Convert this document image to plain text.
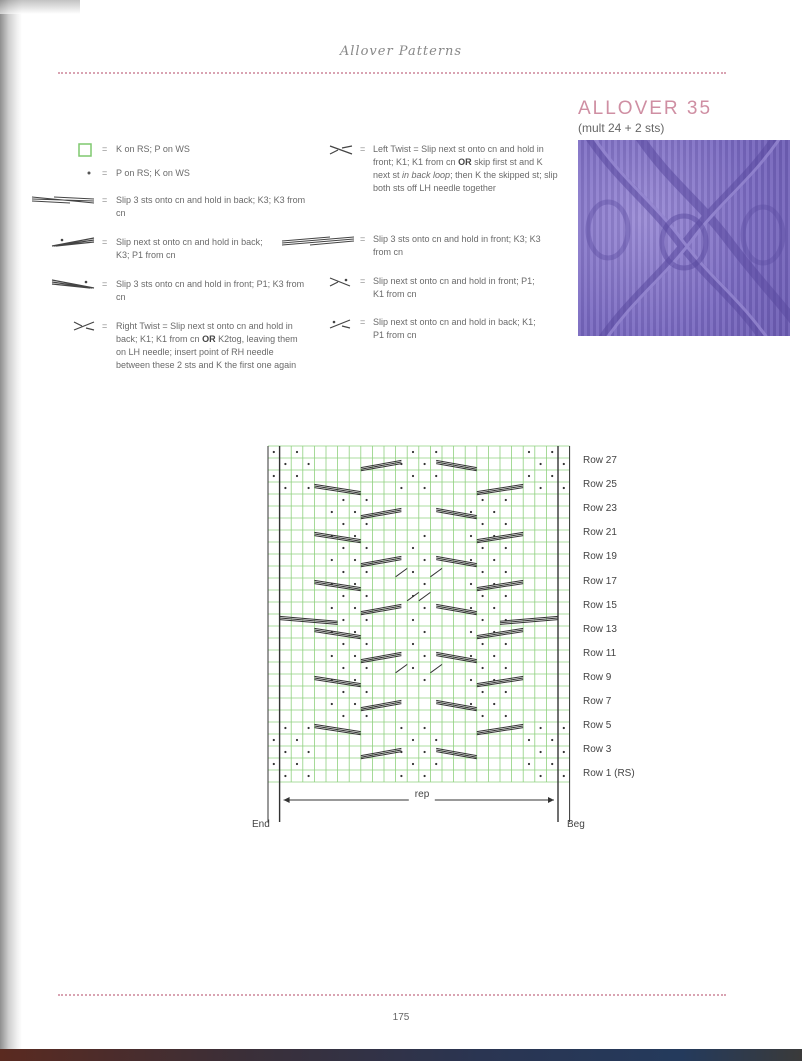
Allover Patterns
ALLOVER 35
(mult 24 + 2 sts)
= K on RS; P on WS
= P on RS; K on WS
= Slip 3 sts onto cn and hold in back; K3; K3 from cn
= Slip next st onto cn and hold in back; K3; P1 from cn
= Slip 3 sts onto cn and hold in front; P1; K3 from cn
= Right Twist = Slip next st onto cn and hold in back; K1; K1 from cn OR K2tog, leaving them on LH needle; insert point of RH needle between these 2 sts and K the first one again
= Left Twist = Slip next st onto cn and hold in front; K1; K1 from cn OR skip first st and K next st in back loop; then K the skipped st; slip both sts off LH needle together
= Slip 3 sts onto cn and hold in front; K3; K3 from cn
= Slip next st onto cn and hold in front; P1; K1 from cn
= Slip next st onto cn and hold in back; K1; P1 from cn
rep
Row 27
Row 25
Row 23
Row 21
Row 19
Row 17
Row 15
Row 13
Row 11
Row 9
Row 7
Row 5
Row 3
Row 1 (RS)
End	Beg
175
